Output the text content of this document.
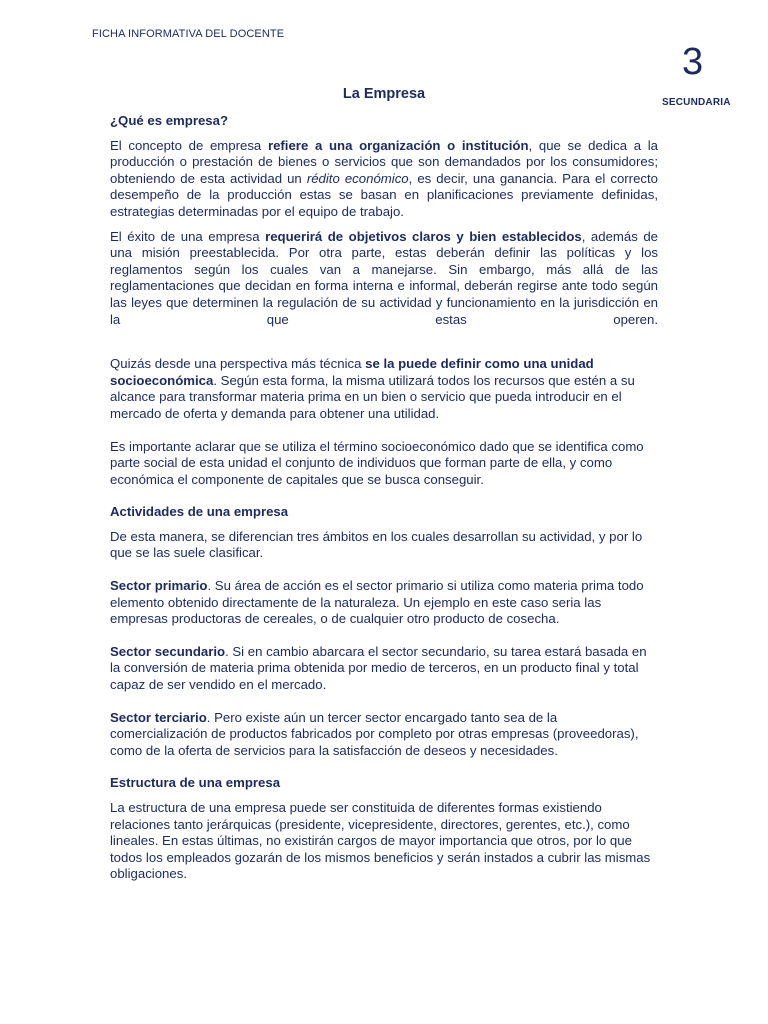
FICHA INFORMATIVA DEL DOCENTE
3
SECUNDARIA
La Empresa
¿Qué es empresa?

El concepto de empresa refiere a una organización o institución, que se dedica a la producción o prestación de bienes o servicios que son demandados por los consumidores; obteniendo de esta actividad un rédito económico, es decir, una ganancia. Para el correcto desempeño de la producción estas se basan en planificaciones previamente definidas, estrategias determinadas por el equipo de trabajo.

El éxito de una empresa requerirá de objetivos claros y bien establecidos, además de una misión preestablecida. Por otra parte, estas deberán definir las políticas y los reglamentos según los cuales van a manejarse. Sin embargo, más allá de las reglamentaciones que decidan en forma interna e informal, deberán regirse ante todo según las leyes que determinen la regulación de su actividad y funcionamiento en la jurisdicción en la que estas operen.

Quizás desde una perspectiva más técnica se la puede definir como una unidad socioeconómica. Según esta forma, la misma utilizará todos los recursos que estén a su alcance para transformar materia prima en un bien o servicio que pueda introducir en el mercado de oferta y demanda para obtener una utilidad.

Es importante aclarar que se utiliza el término socioeconómico dado que se identifica como parte social de esta unidad el conjunto de individuos que forman parte de ella, y como económica el componente de capitales que se busca conseguir.

Actividades de una empresa

De esta manera, se diferencian tres ámbitos en los cuales desarrollan su actividad, y por lo que se las suele clasificar.

Sector primario. Su área de acción es el sector primario si utiliza como materia prima todo elemento obtenido directamente de la naturaleza. Un ejemplo en este caso seria las empresas productoras de cereales, o de cualquier otro producto de cosecha.

Sector secundario. Si en cambio abarcara el sector secundario, su tarea estará basada en la conversión de materia prima obtenida por medio de terceros, en un producto final y total capaz de ser vendido en el mercado.

Sector terciario. Pero existe aún un tercer sector encargado tanto sea de la comercialización de productos fabricados por completo por otras empresas (proveedoras), como de la oferta de servicios para la satisfacción de deseos y necesidades.

Estructura de una empresa

La estructura de una empresa puede ser constituida de diferentes formas existiendo relaciones tanto jerárquicas (presidente, vicepresidente, directores, gerentes, etc.), como lineales. En estas últimas, no existirán cargos de mayor importancia que otros, por lo que todos los empleados gozarán de los mismos beneficios y serán instados a cubrir las mismas obligaciones.
